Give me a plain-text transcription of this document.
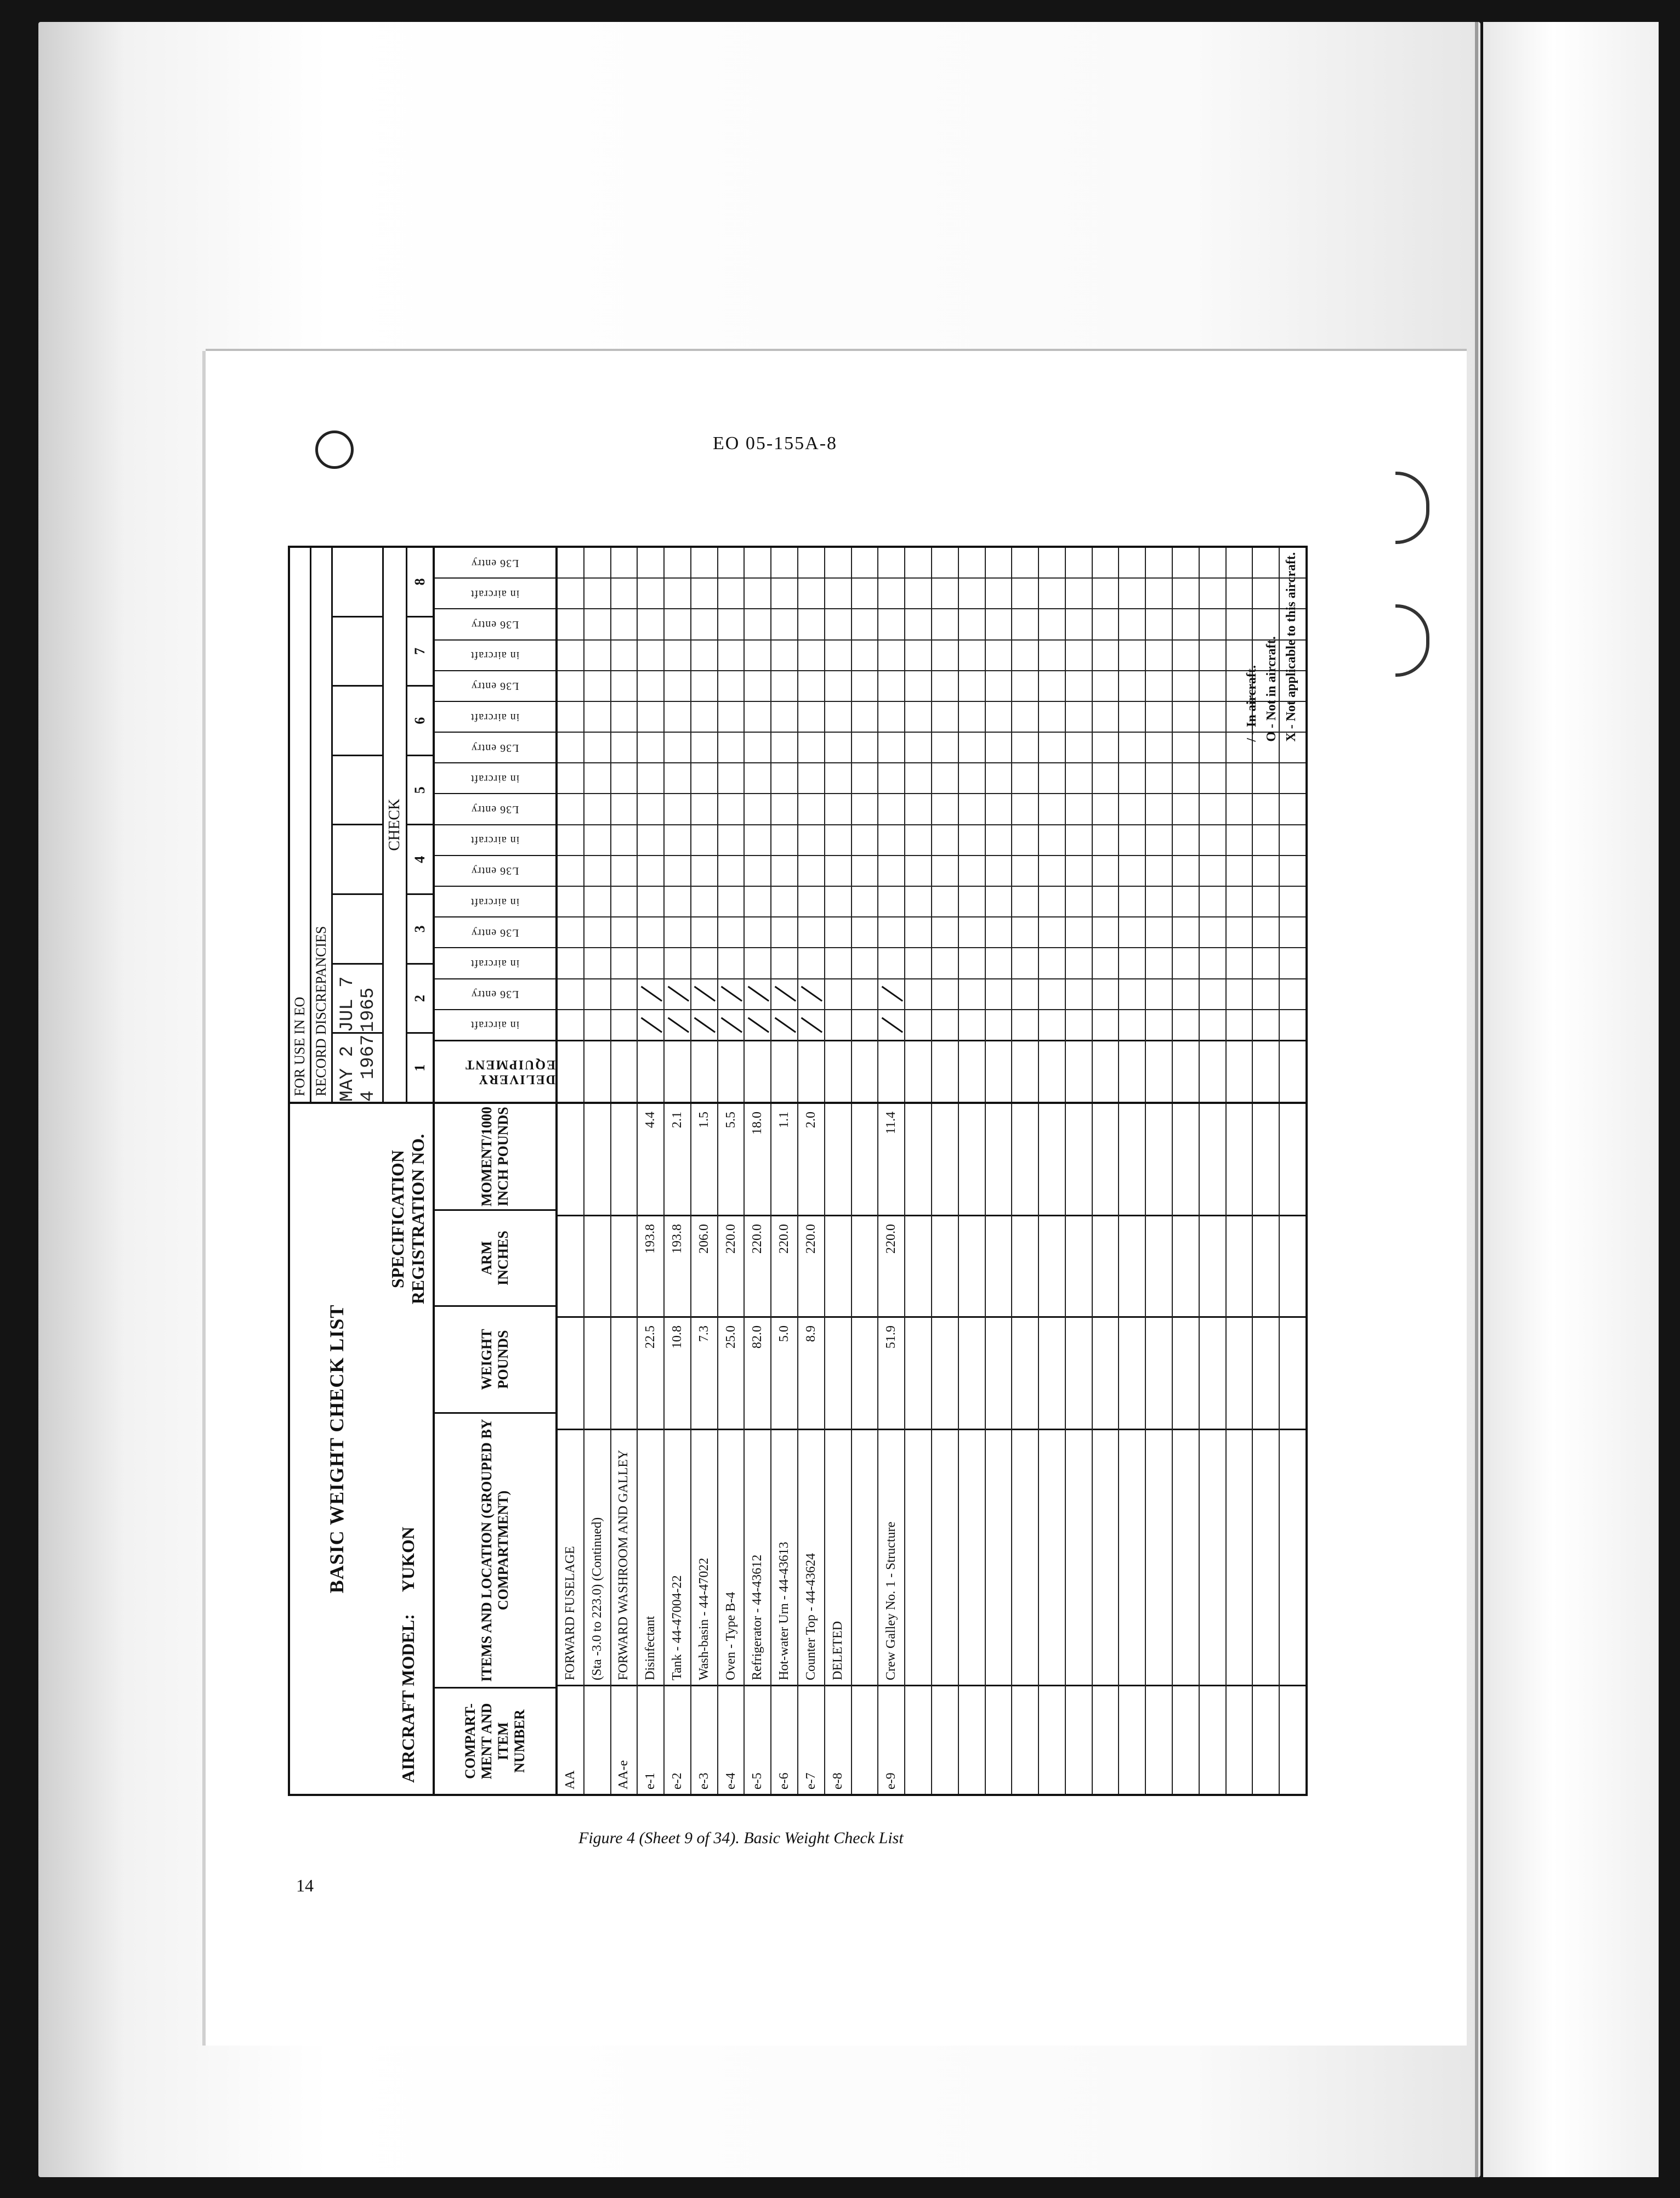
EO 05-155A-8
BASIC WEIGHT CHECK LIST
AIRCRAFT MODEL:
YUKON
SPECIFICATION REGISTRATION NO.
FOR USE IN EO RECORD DISCREPANCIES MAY 2 4 1967
JUL 7 1965
CHECK
1
2
3
4
5
6
7
8
COMPART-MENT AND ITEM NUMBER
ITEMS AND LOCATION (GROUPED BY COMPARTMENT)
WEIGHT POUNDS
ARM INCHES
MOMENT/1000 INCH POUNDS
AA
FORWARD FUSELAGE (Sta -3.0 to 223.0) (Continued)
AA-e
FORWARD WASHROOM AND GALLEY
e-1
Disinfectant
22.5
193.8
4.4
e-2
Tank - 44-47004-22
10.8
193.8
2.1
e-3
Wash-basin - 44-47022
7.3
206.0
1.5
e-4
Oven - Type B-4
25.0
220.0
5.5
e-5
Refrigerator - 44-43612
82.0
220.0
18.0
e-6
Hot-water Urn - 44-43613
5.0
220.0
1.1
e-7
Counter Top - 44-43624
8.9
220.0
2.0
e-8
DELETED
e-9
Crew Galley No. 1 - Structure
51.9
220.0
11.4
DELIVERY EQUIPMENT
in aircraft
L36 entry
in aircraft
L36 entry
in aircraft
L36 entry
in aircraft
L36 entry
in aircraft
L36 entry
in aircraft
L36 entry
in aircraft
L36 entry
in aircraft
L36 entry
/ - In aircraft. O - Not in aircraft. X - Not applicable to this aircraft.
Figure 4 (Sheet 9 of 34). Basic Weight Check List
14
